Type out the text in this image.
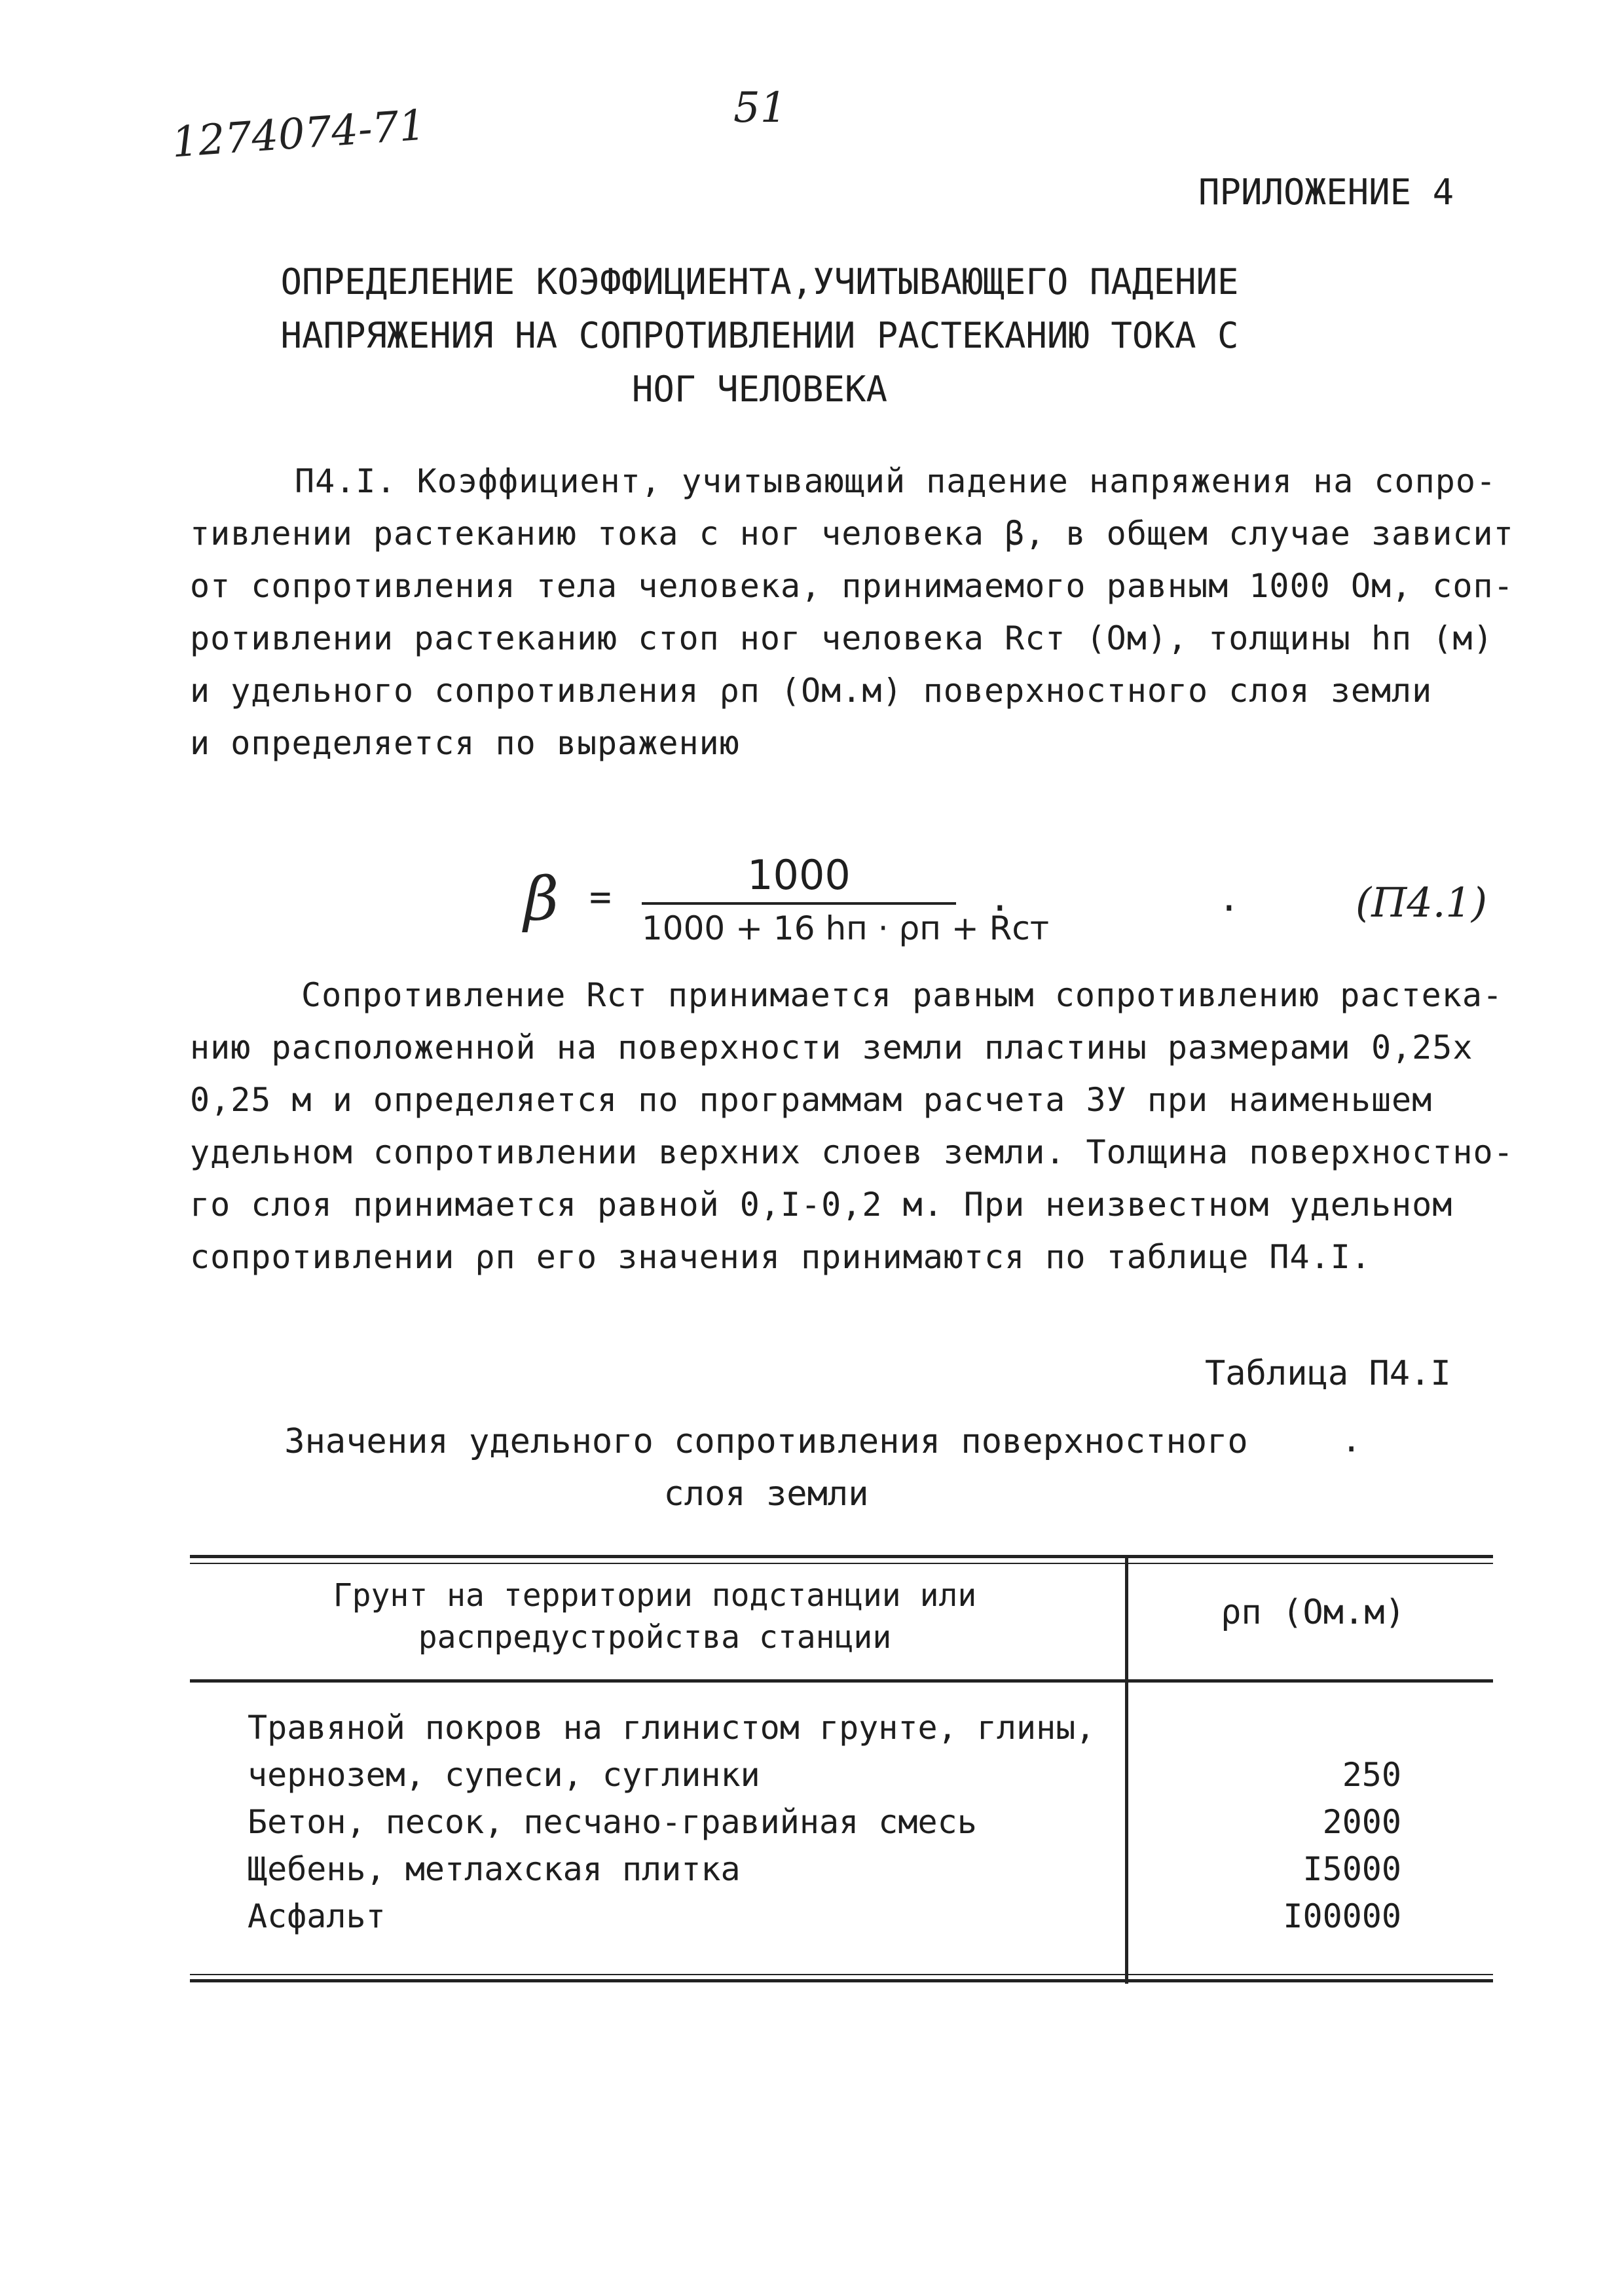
1274074-71	51
ПРИЛОЖЕНИЕ 4
ОПРЕДЕЛЕНИЕ КОЭФФИЦИЕНТА,УЧИТЫВАЮЩЕГО ПАДЕНИЕ
НАПРЯЖЕНИЯ НА СОПРОТИВЛЕНИИ РАСТЕКАНИЮ ТОКА С
НОГ ЧЕЛОВЕКА
П4.I. Коэффициент, учитывающий падение напряжения на сопро-
тивлении растеканию тока с ног человека β, в общем случае зависит
от сопротивления тела человека, принимаемого равным 1000 Ом, соп-
ротивлении растеканию стоп ног человека Rст (Ом), толщины hп (м)
и удельного сопротивления ρп (Ом.м) поверхностного слоя земли
и определяется по выражению
β =	1000
1000 + 16 hп · ρп + Rст
.	.	(П4.1)
Сопротивление Rст принимается равным сопротивлению растека-
нию расположенной на поверхности земли пластины размерами 0,25х
0,25 м и определяется по программам расчета ЗУ при наименьшем
удельном сопротивлении верхних слоев земли. Толщина поверхностно-
го слоя принимается равной 0,I-0,2 м. При неизвестном удельном
сопротивлении ρп его значения принимаются по таблице П4.I.
Таблица П4.I
Значения удельного сопротивления поверхностного
слоя земли
.
Грунт на территории подстанции или
распредустройства станции
ρп (Ом.м)
Травяной покров на глинистом грунте, глины,
чернозем, супеси, суглинки	250
Бетон, песок, песчано-гравийная смесь	2000
Щебень, метлахская плитка	I5000
Асфальт	I00000
